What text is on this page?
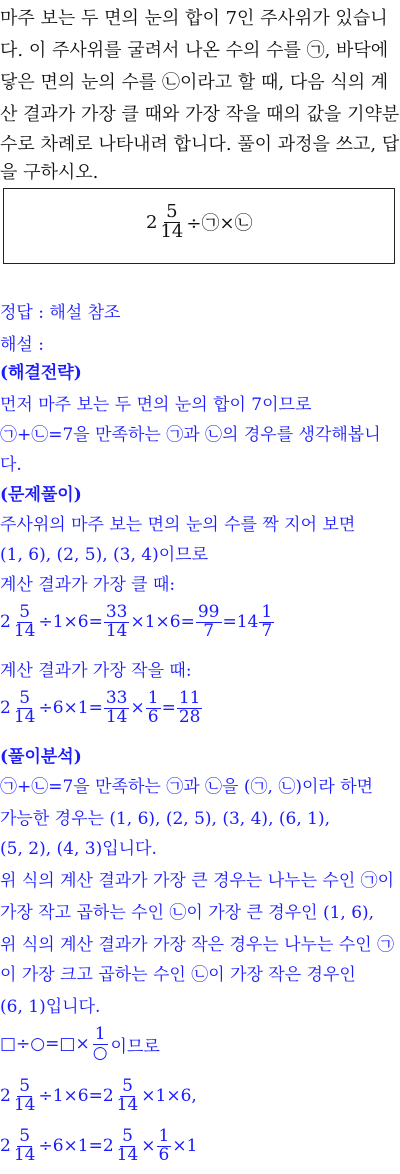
마주 보는 두 면의 눈의 합이 7인 주사위가 있습니
다. 이 주사위를 굴려서 나온 수의 수를 ㉠, 바닥에
닿은 면의 눈의 수를 ㉡이라고 할 때, 다음 식의 계
산 결과가 가장 클 때와 가장 작을 때의 값을 기약분
수로 차례로 나타내려 합니다. 풀이 과정을 쓰고, 답
을 구하시오.
$2 \frac{5}{14}$ ÷㉠×㉡
정답 : 해설 참조
해설 :
(해결전략)
먼저 마주 보는 두 면의 눈의 합이 7이므로
㉠+㉡=7을 만족하는 ㉠과 ㉡의 경우를 생각해봅니
다.
(문제풀이)
주사위의 마주 보는 면의 눈의 수를 짝 지어 보면
(1, 6), (2, 5), (3, 4)이므로
계산 결과가 가장 클 때:
$2 \frac{5}{14} \div 1\times 6= \frac{33}{14} \times 1\times 6= \frac{99}{7} =14 \frac{1}{7}$
계산 결과가 가장 작을 때:
$2 \frac{5}{14} \div 6\times 1= \frac{33}{14} \times \frac{1}{6} = \frac{11}{28}$
(풀이분석)
㉠+㉡=7을 만족하는 ㉠과 ㉡을 (㉠, ㉡)이라 하면
가능한 경우는 (1, 6), (2, 5), (3, 4), (6, 1),
(5, 2), (4, 3)입니다.
위 식의 계산 결과가 가장 큰 경우는 나누는 수인 ㉠이
가장 작고 곱하는 수인 ㉡이 가장 큰 경우인 (1, 6),
위 식의 계산 결과가 가장 작은 경우는 나누는 수인 ㉠
이 가장 크고 곱하는 수인 ㉡이 가장 작은 경우인
(6, 1)입니다.
□÷○=□× $\frac{1}{○}$ 이므로
$2 \frac{5}{14} \div 1\times 6=2 \frac{5}{14} \times 1\times 6$,
$2 \frac{5}{14} \div 6\times 1=2 \frac{5}{14} \times \frac{1}{6} \times 1$
